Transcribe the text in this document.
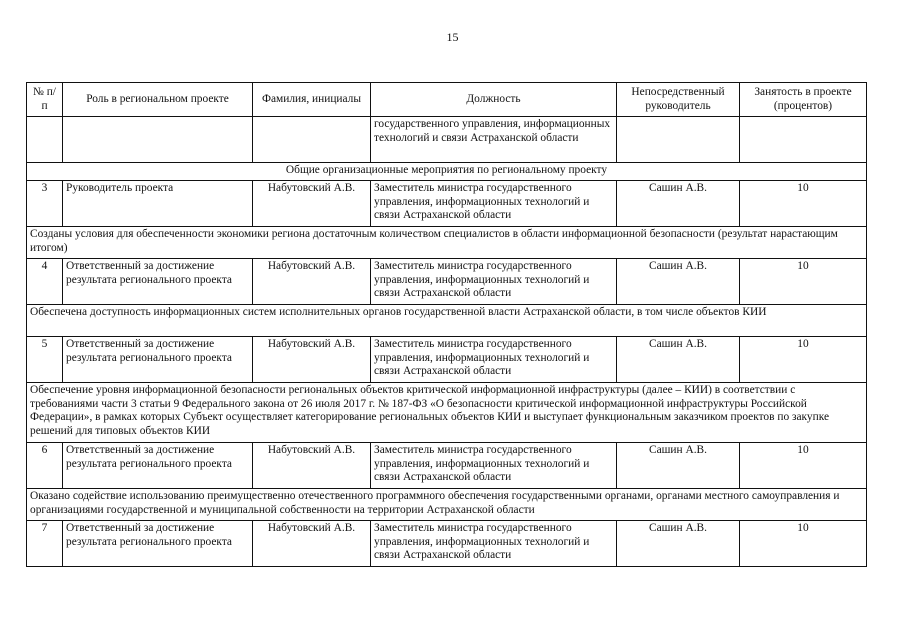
15
№ п/п	Роль в региональном проекте	Фамилия, инициалы	Должность	Непосредственный руководитель	Занятость в проекте (процентов)
			государственного управления, информационных технологий и связи Астраханской области		
Общие организационные мероприятия по региональному проекту					
3	Руководитель проекта	Набутовский А.В.	Заместитель министра государственного управления, информационных технологий и связи Астраханской области	Сашин А.В.	10
Созданы условия для обеспеченности экономики региона достаточным количеством специалистов в области информационной безопасности (результат нарастающим итогом)					
4	Ответственный за достижение результата регионального проекта	Набутовский А.В.	Заместитель министра государственного управления, информационных технологий и связи Астраханской области	Сашин А.В.	10
Обеспечена доступность информационных систем исполнительных органов государственной власти Астраханской области, в том числе объектов КИИ					
5	Ответственный за достижение результата регионального проекта	Набутовский А.В.	Заместитель министра государственного управления, информационных технологий и связи Астраханской области	Сашин А.В.	10
Обеспечение уровня информационной безопасности региональных объектов критической информационной инфраструктуры (далее – КИИ) в соответствии с требованиями части 3 статьи 9 Федерального закона от 26 июля 2017 г. № 187-ФЗ «О безопасности критической информационной инфраструктуры Российской Федерации», в рамках которых Субъект осуществляет категорирование региональных объектов КИИ и выступает функциональным заказчиком проектов по закупке решений для типовых объектов КИИ					
6	Ответственный за достижение результата регионального проекта	Набутовский А.В.	Заместитель министра государственного управления, информационных технологий и связи Астраханской области	Сашин А.В.	10
Оказано содействие использованию преимущественно отечественного программного обеспечения государственными органами, органами местного самоуправления и организациями государственной и муниципальной собственности на территории Астраханской области					
7	Ответственный за достижение результата регионального проекта	Набутовский А.В.	Заместитель министра государственного управления, информационных технологий и связи Астраханской области	Сашин А.В.	10
